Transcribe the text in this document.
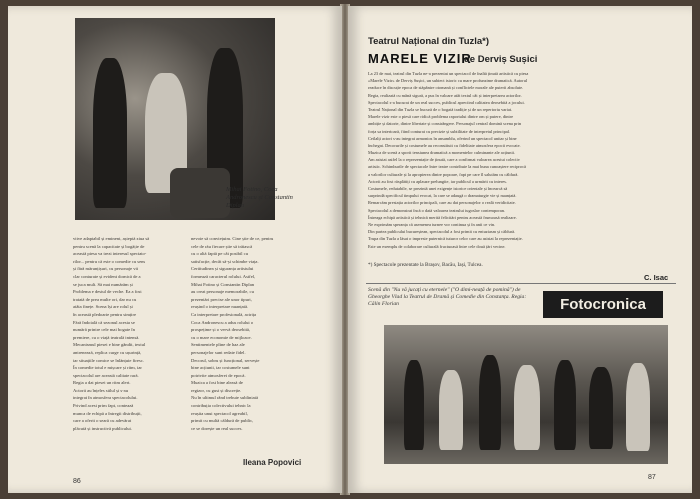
Mihai Fotino, Coca Andronescu și Constantin Diplan
vitve adaptabil și eminent, așteptă ziua să
pentru scenă la capacitate și bogăție de
această piesa va trezi interesul spectato-
rilor... pentru că este o comedie cu sens
și fără mărunțișuri, cu personaje vii
clar conturate și evident dornică de a
se juca mult. Să mai numărăm și
Problema e destul de veche. Ea a fost
tratată de prea multe ori, dar nu cu
atâta finețe. Scena își are rolul și
în această pledoarie pentru simțire
Fără îndoială că sezonul acesta se
numără printre cele mai bogate în
premiere, cu o viață teatrală intensă.
Mecanismul piesei e bine gândit, textul
antrenează, replica curge cu ușurință,
iar situațiile comice se înlănțuie firesc.
În comedie totul e mișcare și ritm, iar
spectacolul are această calitate rară.
Regia a dat piesei un ritm alert.
Actorii au înțeles stilul și s-au
integrat în atmosfera spectacolului.
Privind acest prim fapt, contează
munca de echipă a întregii distribuții,
care a oferit o seară cu adevărat
plăcută și instructivă publicului.
nevoie să conviețuim. Cine știe de ce, pentru
cele de rău fiecare știe să trăiască
cu o altă faptă pe cât posibil cu
satisfacție, decât să-și schimbe viața.
Certitudinea și siguranța artistului
formează caracterul rolului. Astfel,
Mihai Fotino și Constantin Diplan
au creat personaje memorabile, cu
prezentări precise ale unor tipuri,
reușind o interpretare nuanțată.
Ca interpretare profesională, actrița
Coca Andronescu a adus rolului o
prospețime și o vervă deosebită,
cu o mare economie de mijloace.
Sentimentele pline de haz ale
personajelor sunt redate fidel.
Decorul, sobru și funcțional, servește
bine acțiunii, iar costumele sunt
potrivite atmosferei de epocă.
Muzica a fost bine aleasă de
regizor, cu gust și discreție.
Nu în ultimul rând trebuie subliniată
contribuția colectivului tehnic la
reușita unui spectacol agreabil,
primit cu multă căldură de public,
ce se dorește un real succes.
Ileana Popovici
86
Teatrul Național din Tuzla*)
MARELE VIZIR
de Derviș Sușici
La 23 de mai, teatrul din Tuzla ne-a prezentat un spectacol de înaltă ținută artistică cu piesa
«Marele Vizir» de Derviș Sușici, un subiect istoric cu mare profunzime dramatică. Autorul
readuce în discuție epoca de stăpânire otomană și conflictele morale ale puterii absolute.
Regia, realizată cu mână sigură, a pus în valoare atât textul cât și interpretarea actorilor.
Spectacolul s-a bucurat de un real succes, publicul apreciind calitatea deosebită a jocului.
Teatrul Național din Tuzla se bucură de o bogată tradiție și de un repertoriu variat.
Marele vizir este o piesă care ridică problema raportului dintre om și putere, dintre
ambiție și datorie, dintre libertate și constrângere. Personajul central domină scena prin
forța sa interioară, fiind conturat cu precizie și subtilitate de interpretul principal.
Ceilalți actori s-au integrat armonios în ansamblu, oferind un spectacol unitar și bine
închegat. Decorurile și costumele au reconstituit cu fidelitate atmosfera epocii evocate.
Muzica de scenă a sporit tensiunea dramatică a momentelor culminante ale acțiunii.
Am asistat astfel la o reprezentație de ținută, care a confirmat valoarea acestui colectiv
artistic. Schimburile de spectacole între teatre contribuie la mai buna cunoaștere reciprocă
a valorilor culturale și la apropierea dintre popoare, fapt pe care îl salutăm cu căldură.
Actorii au fost răsplătiți cu aplauze prelungite, iar publicul a urmărit cu interes.
Costumele, redutabile, se prezintă unei exigențe istorice orientale și încearcă să
surprindă specificul timpului evocat, la care se adaugă o dramaturgie vie și nuanțată.
Remarcăm prestația actorilor principali, care au dat personajelor o reală veridicitate.
Spectacolul a demonstrat încă o dată valoarea teatrului iugoslav contemporan.
Întreaga echipă artistică și tehnică merită felicitări pentru această frumoasă realizare.
Ne exprimăm speranța că asemenea turnee vor continua și în anii ce vin.
Din partea publicului bucureștean, spectacolul a fost primit cu entuziasm și căldură.
Trupa din Tuzla a lăsat o impresie puternică tuturor celor care au asistat la reprezentație.
Este un exemplu de colaborare culturală fructuoasă între cele două țări vecine.
*) Spectacole prezentate la Brașov, Bacău, Iași, Tulcea.
C. Isac
Scenă din "Nu vă jucați cu eternele" ("O dimi-neață de pomină") de Gheorghe Vlad la Teatrul de Dramă și Comedie din Constanța. Regia: Călin Florian	Fotocronica
87
